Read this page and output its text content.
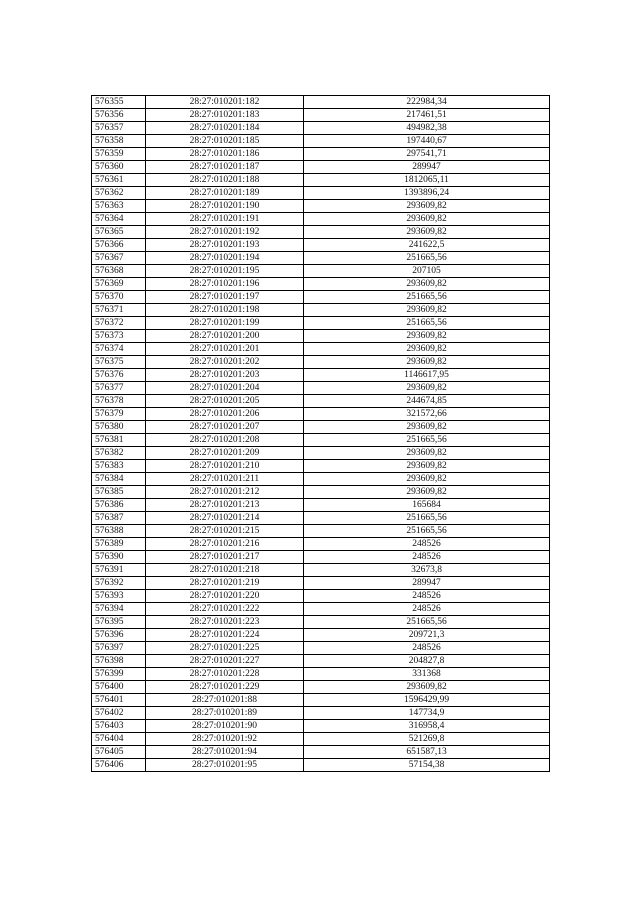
576355	28:27:010201:182	222984,34
576356	28:27:010201:183	217461,51
576357	28:27:010201:184	494982,38
576358	28:27:010201:185	197440,67
576359	28:27:010201:186	297541,71
576360	28:27:010201:187	289947
576361	28:27:010201:188	1812065,11
576362	28:27:010201:189	1393896,24
576363	28:27:010201:190	293609,82
576364	28:27:010201:191	293609,82
576365	28:27:010201:192	293609,82
576366	28:27:010201:193	241622,5
576367	28:27:010201:194	251665,56
576368	28:27:010201:195	207105
576369	28:27:010201:196	293609,82
576370	28:27:010201:197	251665,56
576371	28:27:010201:198	293609,82
576372	28:27:010201:199	251665,56
576373	28:27:010201:200	293609,82
576374	28:27:010201:201	293609,82
576375	28:27:010201:202	293609,82
576376	28:27:010201:203	1146617,95
576377	28:27:010201:204	293609,82
576378	28:27:010201:205	244674,85
576379	28:27:010201:206	321572,66
576380	28:27:010201:207	293609,82
576381	28:27:010201:208	251665,56
576382	28:27:010201:209	293609,82
576383	28:27:010201:210	293609,82
576384	28:27:010201:211	293609,82
576385	28:27:010201:212	293609,82
576386	28:27:010201:213	165684
576387	28:27:010201:214	251665,56
576388	28:27:010201:215	251665,56
576389	28:27:010201:216	248526
576390	28:27:010201:217	248526
576391	28:27:010201:218	32673,8
576392	28:27:010201:219	289947
576393	28:27:010201:220	248526
576394	28:27:010201:222	248526
576395	28:27:010201:223	251665,56
576396	28:27:010201:224	209721,3
576397	28:27:010201:225	248526
576398	28:27:010201:227	204827,8
576399	28:27:010201:228	331368
576400	28:27:010201:229	293609,82
576401	28:27:010201:88	1596429,99
576402	28:27:010201:89	147734,9
576403	28:27:010201:90	316958,4
576404	28:27:010201:92	521269,8
576405	28:27:010201:94	651587,13
576406	28:27:010201:95	57154,38
